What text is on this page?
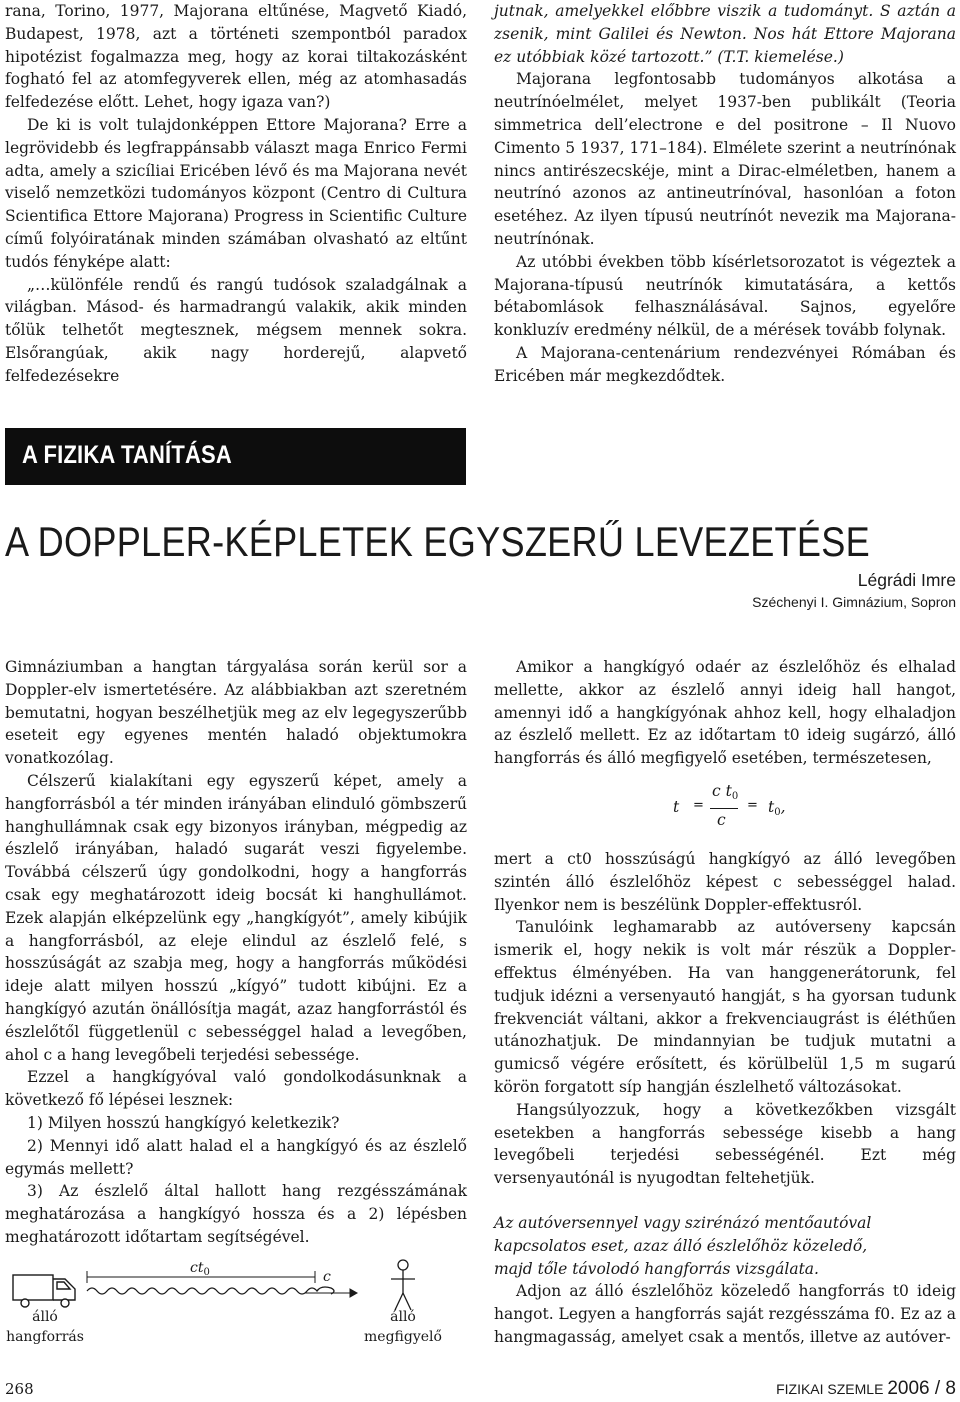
rana, Torino, 1977, Majorana eltűnése, Magvető Kiadó, Budapest, 1978, azt a történeti szempontból paradox hipotézist fogalmazza meg, hogy az korai tiltakozásként fogható fel az atomfegyverek ellen, még az atomhasadás felfedezése előtt. Lehet, hogy igaza van?)

De ki is volt tulajdonképpen Ettore Majorana? Erre a legrövidebb és legfrappánsabb választ maga Enrico Fermi adta, amely a szicíliai Ericében lévő és ma Majorana nevét viselő nemzetközi tudományos központ (Centro di Cultura Scientifica Ettore Majorana) Progress in Scientific Culture című folyóiratának minden számában olvasható az eltűnt tudós fényképe alatt:

„…különféle rendű és rangú tudósok szaladgálnak a világban. Másod- és harmadrangú valakik, akik minden tőlük telhetőt megtesznek, mégsem mennek sokra. Elsőrangúak, akik nagy horderejű, alapvető felfedezésekre

jutnak, amelyekkel előbbre viszik a tudományt. S aztán a zsenik, mint Galilei és Newton. Nos hát Ettore Majorana ez utóbbiak közé tartozott.” (T.T. kiemelése.)

Majorana legfontosabb tudományos alkotása a neutrínóelmélet, melyet 1937-ben publikált (Teoria simmetrica dell’electrone e del positrone – Il Nuovo Cimento 5 1937, 171–184). Elmélete szerint a neutrínónak nincs antirészecskéje, mint a Dirac-elméletben, hanem a neutrínó azonos az antineutrínóval, hasonlóan a foton esetéhez. Az ilyen típusú neutrínót nevezik ma Majorana-neutrínónak.

Az utóbbi években több kísérletsorozatot is végeztek a Majorana-típusú neutrínók kimutatására, a kettős bétabomlások felhasználásával. Sajnos, egyelőre konkluzív eredmény nélkül, de a mérések tovább folynak.

A Majorana-centenárium rendezvényei Rómában és Ericében már megkezdődtek.

A FIZIKA TANÍTÁSA
A DOPPLER-KÉPLETEK EGYSZERŰ LEVEZETÉSE
Légrádi Imre
Széchenyi I. Gimnázium, Sopron

Gimnáziumban a hangtan tárgyalása során kerül sor a Doppler-elv ismertetésére. Az alábbiakban azt szeretném bemutatni, hogyan beszélhetjük meg az elv legegyszerűbb eseteit egy egyenes mentén haladó objektumokra vonatkozólag.

Célszerű kialakítani egy egyszerű képet, amely a hangforrásból a tér minden irányában elinduló gömbszerű hanghullámnak csak egy bizonyos irányban, mégpedig az észlelő irányában, haladó sugarát veszi figyelembe. Továbbá célszerű úgy gondolkodni, hogy a hangforrás csak egy meghatározott ideig bocsát ki hanghullámot. Ezek alapján elképzelünk egy „hangkígyót”, amely kibújik a hangforrásból, az eleje elindul az észlelő felé, s hosszúságát az szabja meg, hogy a hangforrás működési ideje alatt milyen hosszú „kígyó” tudott kibújni. Ez a hangkígyó azután önállósítja magát, azaz hangforrástól és észlelőtől függetlenül c sebességgel halad a levegőben, ahol c a hang levegőbeli terjedési sebessége.

Ezzel a hangkígyóval való gondolkodásunknak a következő fő lépései lesznek:

1) Milyen hosszú hangkígyó keletkezik?

2) Mennyi idő alatt halad el a hangkígyó és az észlelő egymás mellett?

3) Az észlelő által hallott hang rezgésszámának meghatározása a hangkígyó hossza és a 2) lépésben meghatározott időtartam segítségével.

$ct_0$	c
álló
hangforrás
álló
megfigyelő

Amikor a hangkígyó odaér az észlelőhöz és elhalad mellette, akkor az észlelő annyi ideig hall hangot, amennyi idő a hangkígyónak ahhoz kell, hogy elhaladjon az észlelő mellett. Ez az időtartam t0 ideig sugárzó, álló hangforrás és álló megfigyelő esetében, természetesen,

mert a ct0 hosszúságú hangkígyó az álló levegőben szintén álló észlelőhöz képest c sebességgel halad. Ilyenkor nem is beszélünk Doppler-effektusról.

Tanulóink leghamarabb az autóverseny kapcsán ismerik el, hogy nekik is volt már részük a Doppler-effektus élményében. Ha van hanggenerátorunk, fel tudjuk idézni a versenyautó hangját, s ha gyorsan tudunk frekvenciát váltani, akkor a frekvenciaugrást is éléthűen utánozhatjuk. De mindannyian be tudjuk mutatni a gumicső végére erősített, és körülbelül 1,5 m sugarú körön forgatott síp hangján észlelhető változásokat.

Hangsúlyozzuk, hogy a következőkben vizsgált esetekben a hangforrás sebessége kisebb a hang levegőbeli terjedési sebességénél. Ezt még versenyautónál is nyugodtan feltehetjük.

Az autóversennyel vagy szirénázó mentőautóval

kapcsolatos eset, azaz álló észlelőhöz közeledő,

majd tőle távolodó hangforrás vizsgálata.

Adjon az álló észlelőhöz közeledő hangforrás t0 ideig hangot. Legyen a hangforrás saját rezgésszáma f0. Ez az a hangmagasság, amelyet csak a mentős, illetve az autóver-

t =
c $t_0$
c
= $t_0$,
268	FIZIKAI SZEMLE 2006 / 8
